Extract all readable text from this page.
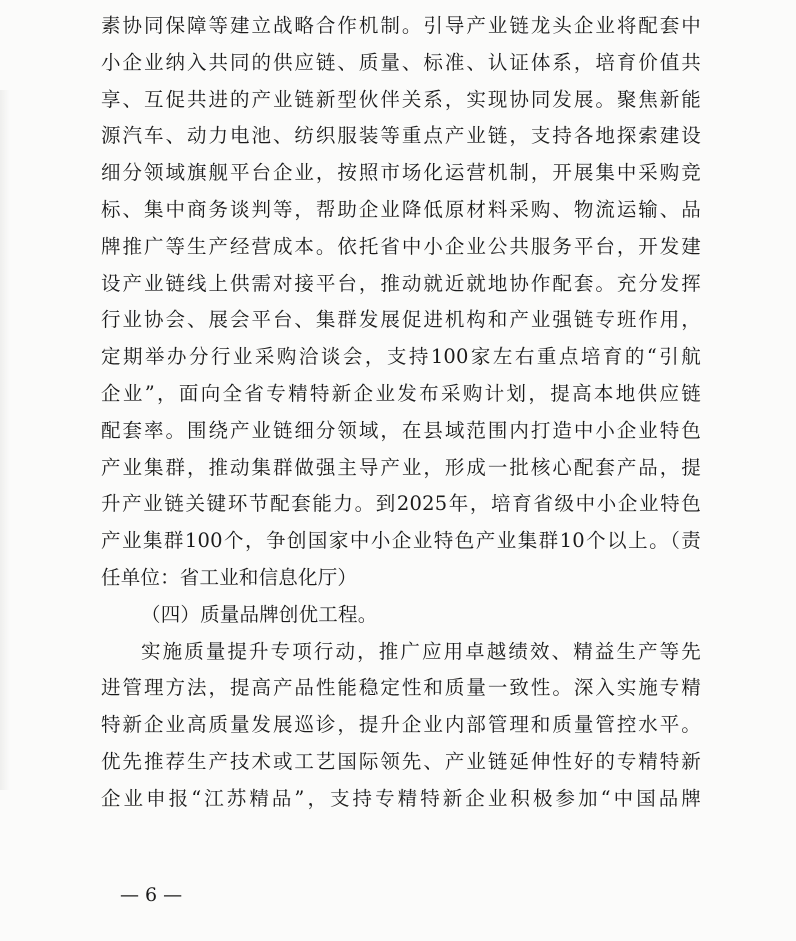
素协同保障等建立战略合作机制。引导产业链龙头企业将配套中
小企业纳入共同的供应链、质量、标准、认证体系，培育价值共
享、互促共进的产业链新型伙伴关系，实现协同发展。聚焦新能
源汽车、动力电池、纺织服装等重点产业链，支持各地探索建设
细分领域旗舰平台企业，按照市场化运营机制，开展集中采购竞
标、集中商务谈判等，帮助企业降低原材料采购、物流运输、品
牌推广等生产经营成本。依托省中小企业公共服务平台，开发建
设产业链线上供需对接平台，推动就近就地协作配套。充分发挥
行业协会、展会平台、集群发展促进机构和产业强链专班作用，
定期举办分行业采购洽谈会，支持100家左右重点培育的“引航
企业”，面向全省专精特新企业发布采购计划，提高本地供应链
配套率。围绕产业链细分领域，在县域范围内打造中小企业特色
产业集群，推动集群做强主导产业，形成一批核心配套产品，提
升产业链关键环节配套能力。到2025年，培育省级中小企业特色
产业集群100个，争创国家中小企业特色产业集群10个以上。（责
任单位：省工业和信息化厅）
（四）质量品牌创优工程。
实施质量提升专项行动，推广应用卓越绩效、精益生产等先
进管理方法，提高产品性能稳定性和质量一致性。深入实施专精
特新企业高质量发展巡诊，提升企业内部管理和质量管控水平。
优先推荐生产技术或工艺国际领先、产业链延伸性好的专精特新
企业申报“江苏精品”，支持专精特新企业积极参加“中国品牌
— 6 —
